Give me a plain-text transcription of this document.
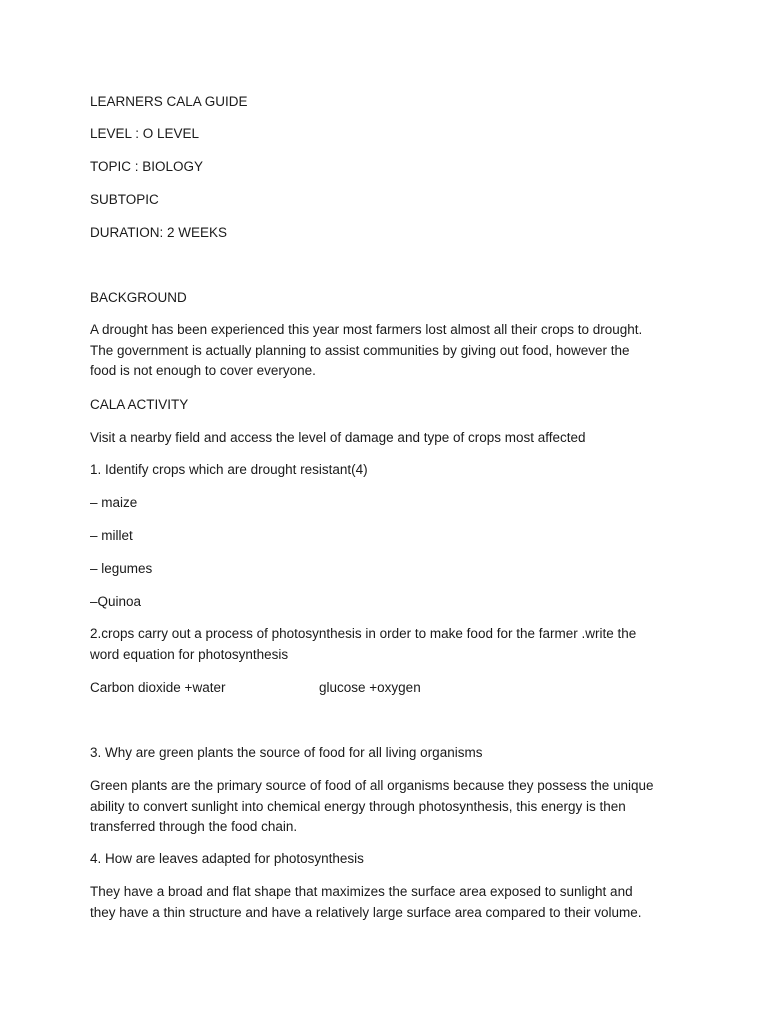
LEARNERS CALA GUIDE

LEVEL : O LEVEL

TOPIC : BIOLOGY

SUBTOPIC

DURATION: 2 WEEKS

BACKGROUND

A drought has been experienced this year most farmers lost almost all their crops to drought.
The government is actually planning to assist communities by giving out food, however the
food is not enough to cover everyone.

CALA ACTIVITY

Visit a nearby field and access the level of damage and type of crops most affected

1. Identify crops which are drought resistant(4)

– maize

– millet

– legumes

–Quinoa

2.crops carry out a process of photosynthesis in order to make food for the farmer .write the
word equation for photosynthesis

Carbon dioxide +water	glucose +oxygen

3. Why are green plants the source of food for all living organisms

Green plants are the primary source of food of all organisms because they possess the unique
ability to convert sunlight into chemical energy through photosynthesis, this energy is then
transferred through the food chain.

4. How are leaves adapted for photosynthesis

They have a broad and flat shape that maximizes the surface area exposed to sunlight and
they have a thin structure and have a relatively large surface area compared to their volume.
